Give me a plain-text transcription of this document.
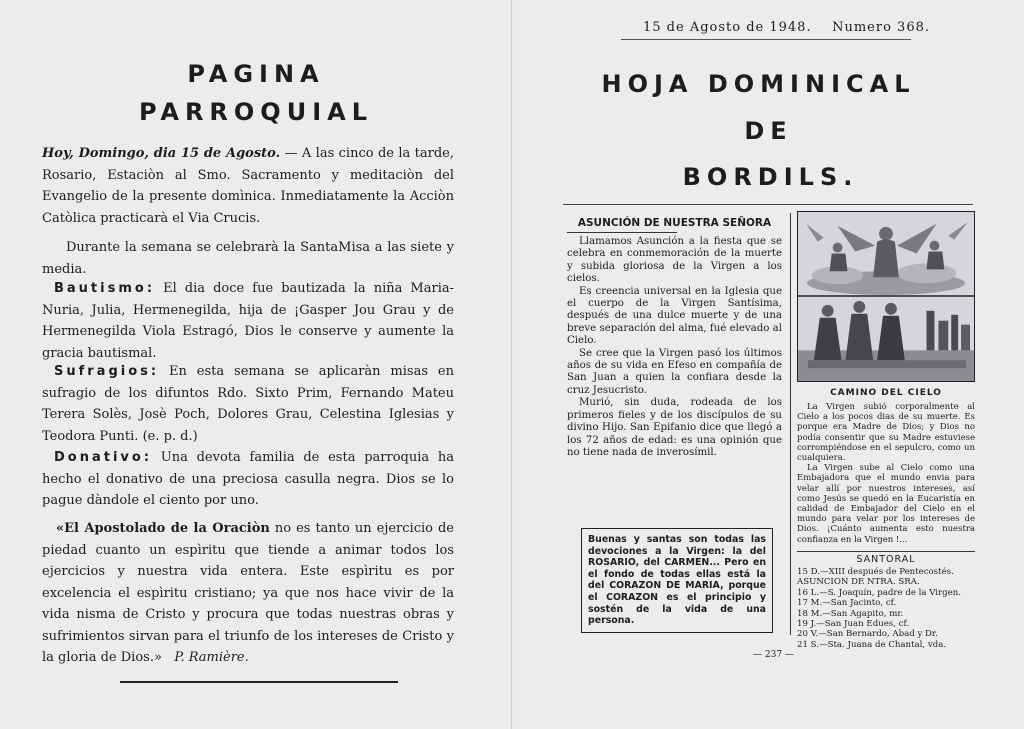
PAGINA
PARROQUIAL
Hoy, Domingo, dia 15 de Agosto. — A las cinco de la tarde, Rosario, Estaciòn al Smo. Sacramento y meditaciòn del Evangelio de la presente domìnica. Inmediatamente la Acciòn Catòlica practicarà el Via Crucis.
Durante la semana se celebrarà la SantaMisa a las siete y media.
Bautismo: El dia doce fue bautizada la niña Maria-Nuria, Julia, Hermenegilda, hija de ¡Gasper Jou Grau y de Hermenegilda Viola Estragó, Dios le conserve y aumente la gracia bautismal.
Sufragios: En esta semana se aplicaràn misas en sufragio de los difuntos Rdo. Sixto Prim, Fernando Mateu Terera Solès, Josè Poch, Dolores Grau, Celestina Iglesias y Teodora Punti. (e. p. d.)
Donativo: Una devota familia de esta parroquia ha hecho el donativo de una preciosa casulla negra. Dios se lo pague dàndole el ciento por uno.
«El Apostolado de la Oraciòn no es tanto un ejercicio de piedad cuanto un espìritu que tiende a animar todos los ejercicios y nuestra vida entera. Este espìritu es por excelencia el espìritu cristiano; ya que nos hace vivir de la vida nisma de Cristo y procura que todas nuestras obras y sufrimientos sirvan para el triunfo de los intereses de Cristo y la gloria de Dios.» P. Ramière.
15 de Agosto de 1948. Numero 368.
HOJA DOMINICAL
DE
BORDILS.
ASUNCIÓN DE NUESTRA SEÑORA

Llamamos Asunción a la fiesta que se celebra en conmemoración de la muerte y subida gloriosa de la Virgen a los cielos.

Es creencia universal en la Iglesia que el cuerpo de la Virgen Santísima, después de una dulce muerte y de una breve separación del alma, fué elevado al Cielo.

Se cree que la Virgen pasó los últimos años de su vida en Efeso en compañía de San Juan a quien la confiara desde la cruz Jesucristo.

Murió, sin duda, rodeada de los primeros fieles y de los discípulos de su divino Hijo. San Epifanio dice que llegó a los 72 años de edad: es una opinión que no tiene nada de inverosímil.

Buenas y santas son todas las devociones a la Virgen: la del ROSARIO, del CARMEN... Pero en el fondo de todas ellas está la del CORAZON DE MARIA, porque el CORAZON es el principio y sostén de la vida de una persona.
CAMINO DEL CIELO

La Virgen subió corporalmente al Cielo a los pocos dias de su muerte. Es porque era Madre de Dios; y Dios no podía consentir que su Madre estuviese corrompiéndose en el sepulcro, como un cualquiera.

La Virgen sube al Cielo como una Embajadora que el mundo envia para velar allí por nuestros intereses, así como Jesús se quedó en la Eucaristía en calidad de Embajador del Cielo en el mundo para velar por los intereses de Dios. ¡Cuánto aumenta esto nuestra confianza en la Virgen !...

SANTORAL
15 D.—XIII después de Pentecostés.
ASUNCION DE NTRA. SRA.
16 L.—S. Joaquín, padre de la Virgen.
17 M.—San Jacinto, cf.
18 M.—San Agapito, mr.
19 J.—San Juan Edues, cf.
20 V.—San Bernardo, Abad y Dr.
21 S.—Sta. Juana de Chantal, vda.
— 237 —
